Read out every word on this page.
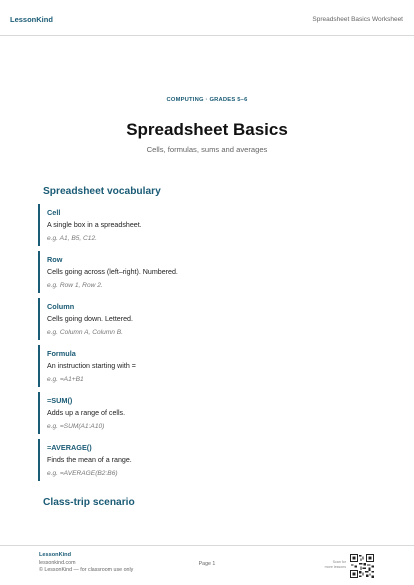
LessonKind	Spreadsheet Basics Worksheet
COMPUTING · GRADES 5–6
Spreadsheet Basics
Cells, formulas, sums and averages
Spreadsheet vocabulary
Cell
A single box in a spreadsheet.
e.g. A1, B5, C12.
Row
Cells going across (left–right). Numbered.
e.g. Row 1, Row 2.
Column
Cells going down. Lettered.
e.g. Column A, Column B.
Formula
An instruction starting with =
e.g. =A1+B1
=SUM()
Adds up a range of cells.
e.g. =SUM(A1:A10)
=AVERAGE()
Finds the mean of a range.
e.g. =AVERAGE(B2:B6)
Class-trip scenario
LessonKind
lessonkind.com
© LessonKind — for classroom use only
Page 1	Scan for
more lessons
